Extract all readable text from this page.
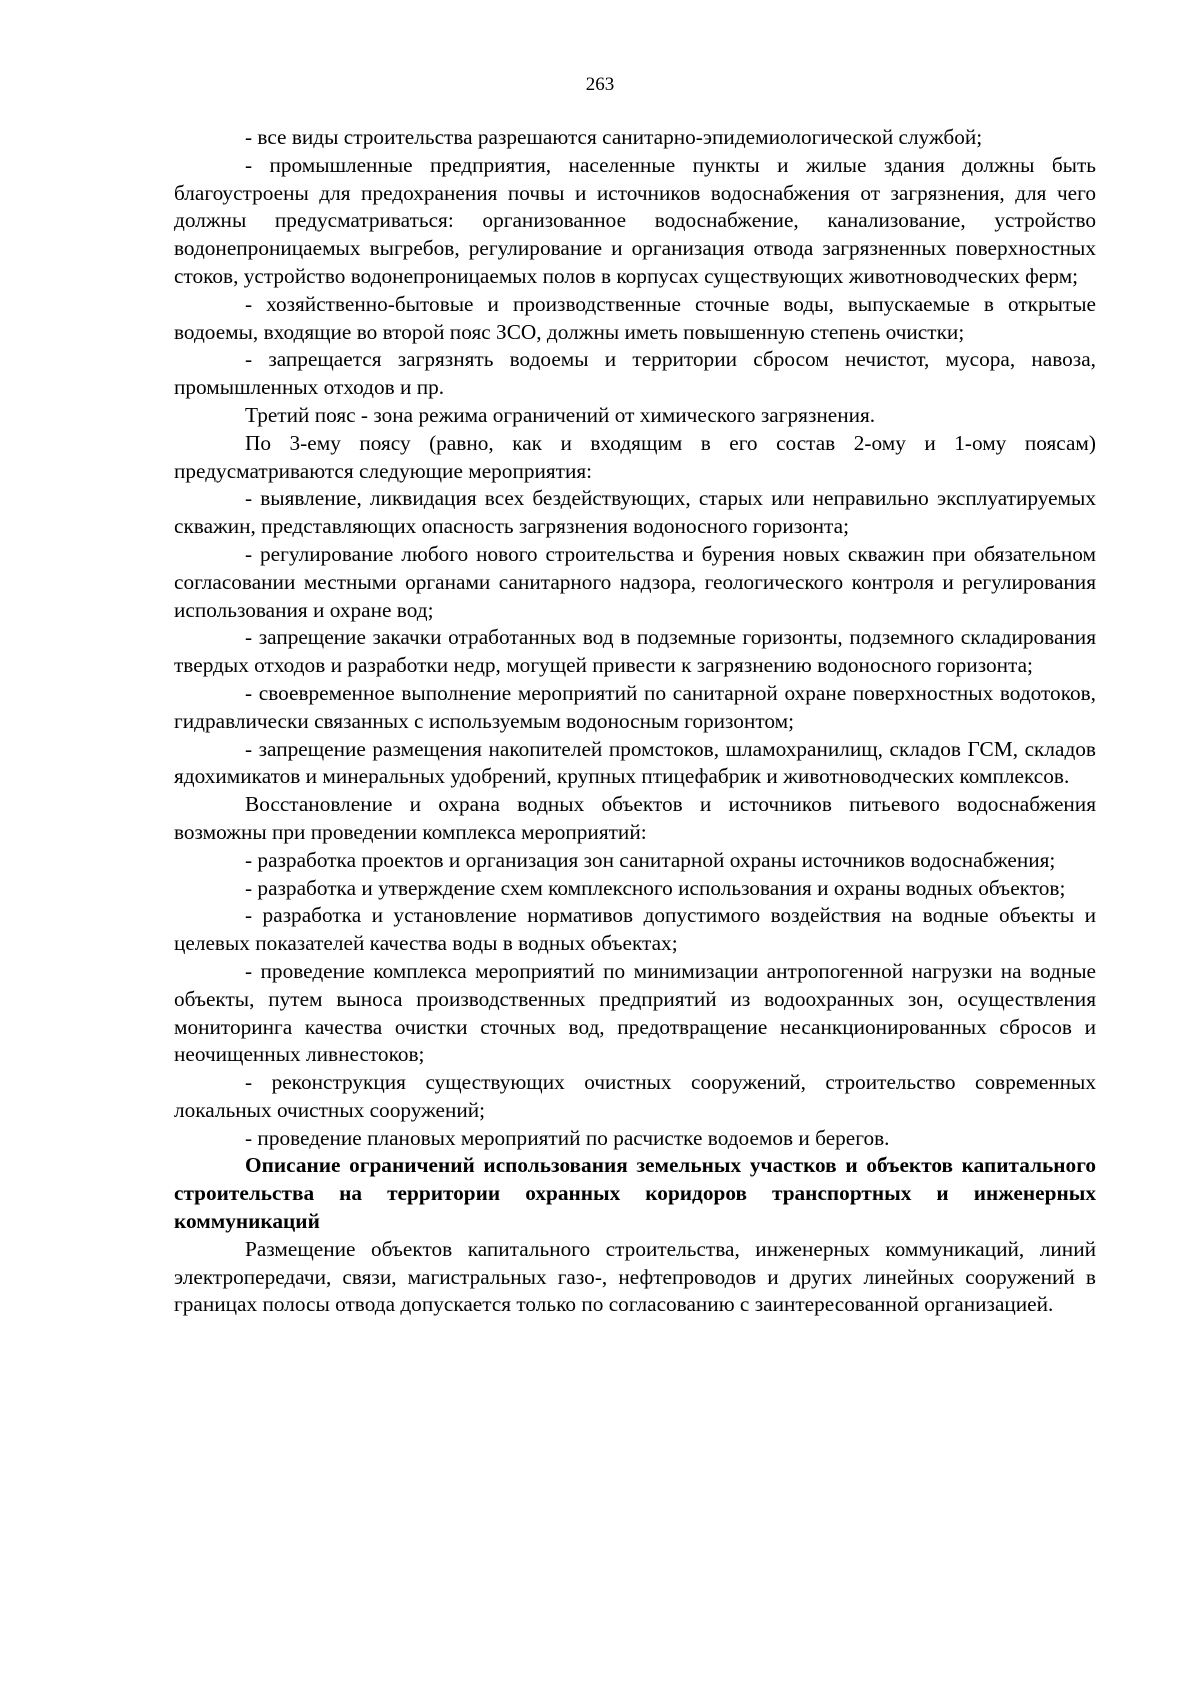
263

- все виды строительства разрешаются санитарно-эпидемиологической службой;

- промышленные предприятия, населенные пункты и жилые здания должны быть благоустроены для предохранения почвы и источников водоснабжения от загрязнения, для чего должны предусматриваться: организованное водоснабжение, канализование, устройство водонепроницаемых выгребов, регулирование и организация отвода загрязненных поверхностных стоков, устройство водонепроницаемых полов в корпусах существующих животноводческих ферм;

- хозяйственно-бытовые и производственные сточные воды, выпускаемые в открытые водоемы, входящие во второй пояс ЗСО, должны иметь повышенную степень очистки;

- запрещается загрязнять водоемы и территории сбросом нечистот, мусора, навоза, промышленных отходов и пр.

Третий пояс - зона режима ограничений от химического загрязнения.

По 3-ему поясу (равно, как и входящим в его состав 2-ому и 1-ому поясам) предусматриваются следующие мероприятия:

- выявление, ликвидация всех бездействующих, старых или неправильно эксплуатируемых скважин, представляющих опасность загрязнения водоносного горизонта;

- регулирование любого нового строительства и бурения новых скважин при обязательном согласовании местными органами санитарного надзора, геологического контроля и регулирования использования и охране вод;

- запрещение закачки отработанных вод в подземные горизонты, подземного складирования твердых отходов и разработки недр, могущей привести к загрязнению водоносного горизонта;

- своевременное выполнение мероприятий по санитарной охране поверхностных водотоков, гидравлически связанных с используемым водоносным горизонтом;

- запрещение размещения накопителей промстоков, шламохранилищ, складов ГСМ, складов ядохимикатов и минеральных удобрений, крупных птицефабрик и животноводческих комплексов.

Восстановление и охрана водных объектов и источников питьевого водоснабжения возможны при проведении комплекса мероприятий:

- разработка проектов и организация зон санитарной охраны источников водоснабжения;

- разработка и утверждение схем комплексного использования и охраны водных объектов;

- разработка и установление нормативов допустимого воздействия на водные объекты и целевых показателей качества воды в водных объектах;

- проведение комплекса мероприятий по минимизации антропогенной нагрузки на водные объекты, путем выноса производственных предприятий из водоохранных зон, осуществления мониторинга качества очистки сточных вод, предотвращение несанкционированных сбросов и неочищенных ливнестоков;

- реконструкция существующих очистных сооружений, строительство современных локальных очистных сооружений;

- проведение плановых мероприятий по расчистке водоемов и берегов.

Описание ограничений использования земельных участков и объектов капитального строительства на территории охранных коридоров транспортных и инженерных коммуникаций

Размещение объектов капитального строительства, инженерных коммуникаций, линий электропередачи, связи, магистральных газо-, нефтепроводов и других линейных сооружений в границах полосы отвода допускается только по согласованию с заинтересованной организацией.
